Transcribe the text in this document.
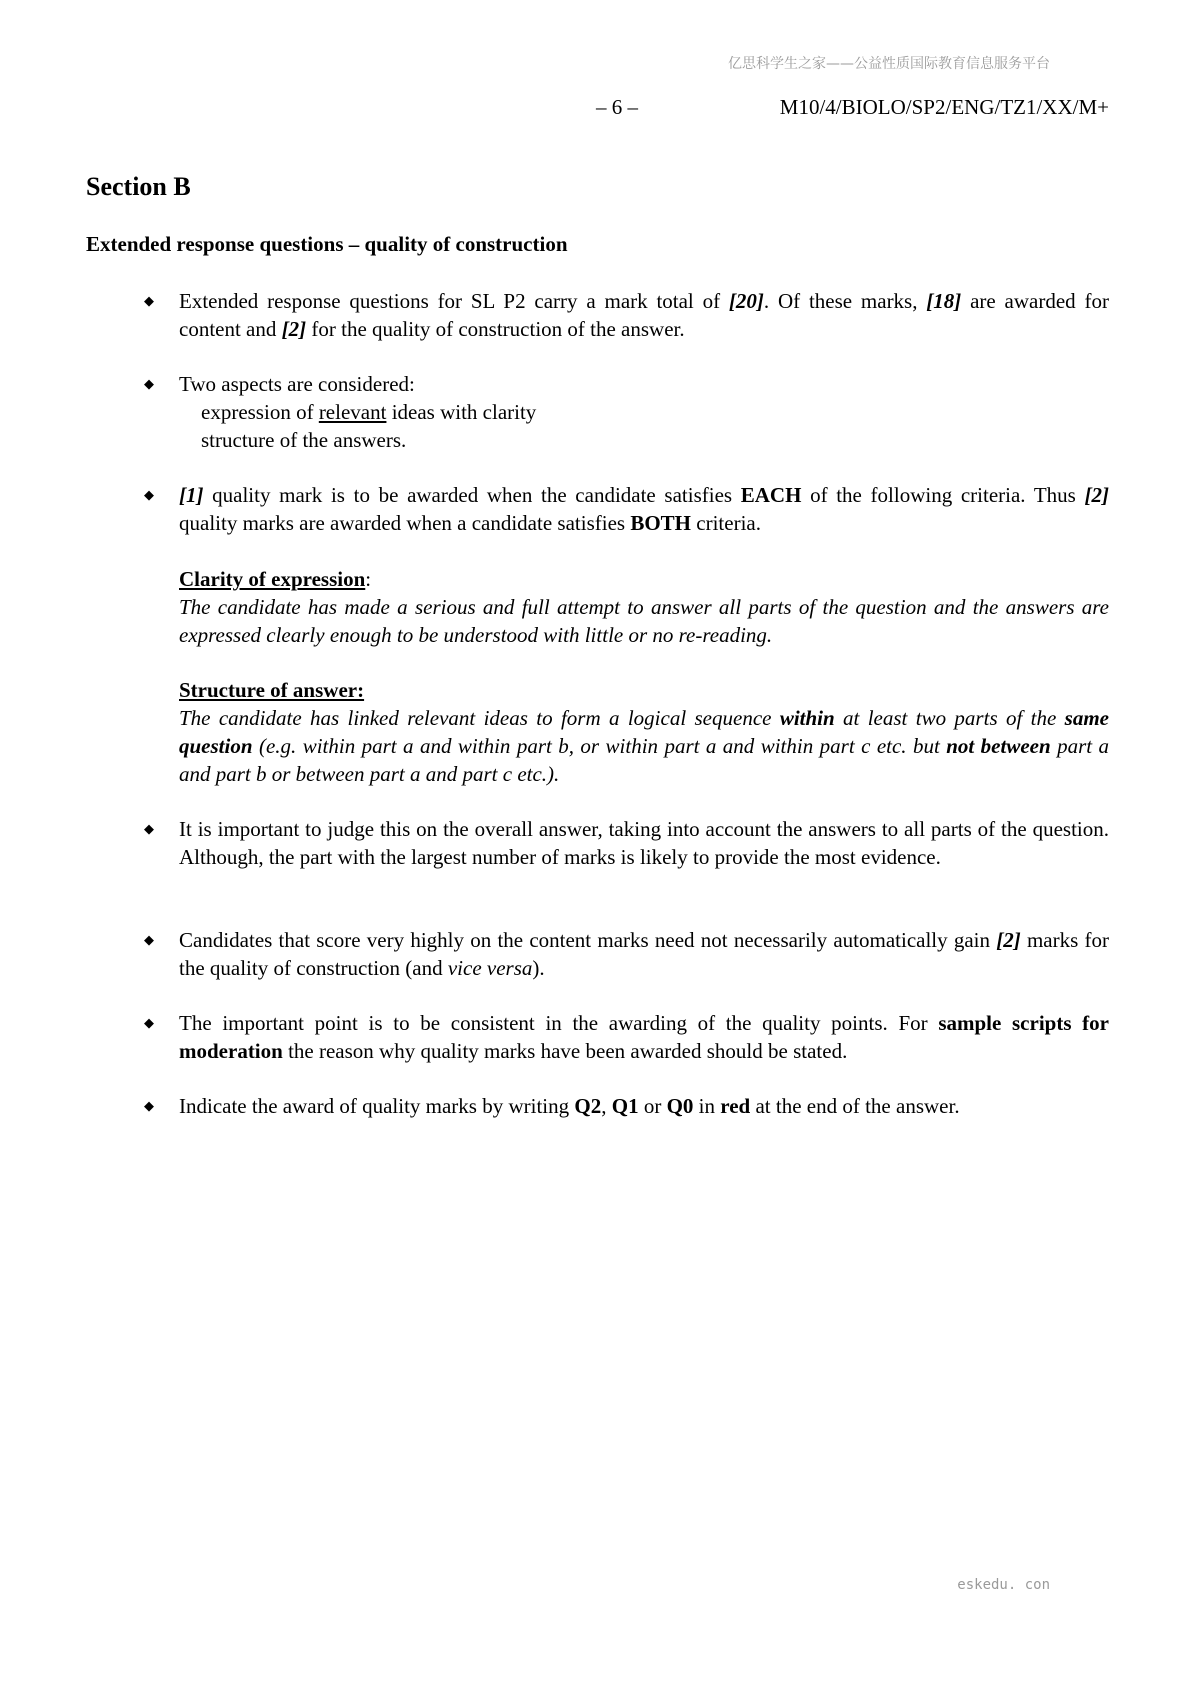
亿思科学生之家——公益性质国际教育信息服务平台
– 6 –	M10/4/BIOLO/SP2/ENG/TZ1/XX/M+
Section B
Extended response questions – quality of construction
◆ Extended response questions for SL P2 carry a mark total of [20]. Of these marks, [18] are awarded for content and [2] for the quality of construction of the answer.
◆ Two aspects are considered:
expression of relevant ideas with clarity
structure of the answers.
◆ [1] quality mark is to be awarded when the candidate satisfies EACH of the following criteria. Thus [2] quality marks are awarded when a candidate satisfies BOTH criteria.
Clarity of expression:
The candidate has made a serious and full attempt to answer all parts of the question and the answers are expressed clearly enough to be understood with little or no re-reading.
Structure of answer:
The candidate has linked relevant ideas to form a logical sequence within at least two parts of the same question (e.g. within part a and within part b, or within part a and within part c etc. but not between part a and part b or between part a and part c etc.).
◆ It is important to judge this on the overall answer, taking into account the answers to all parts of the question. Although, the part with the largest number of marks is likely to provide the most evidence.
◆ Candidates that score very highly on the content marks need not necessarily automatically gain [2] marks for the quality of construction (and vice versa).
◆ The important point is to be consistent in the awarding of the quality points. For sample scripts for moderation the reason why quality marks have been awarded should be stated.
◆ Indicate the award of quality marks by writing Q2, Q1 or Q0 in red at the end of the answer.
eskedu. con
